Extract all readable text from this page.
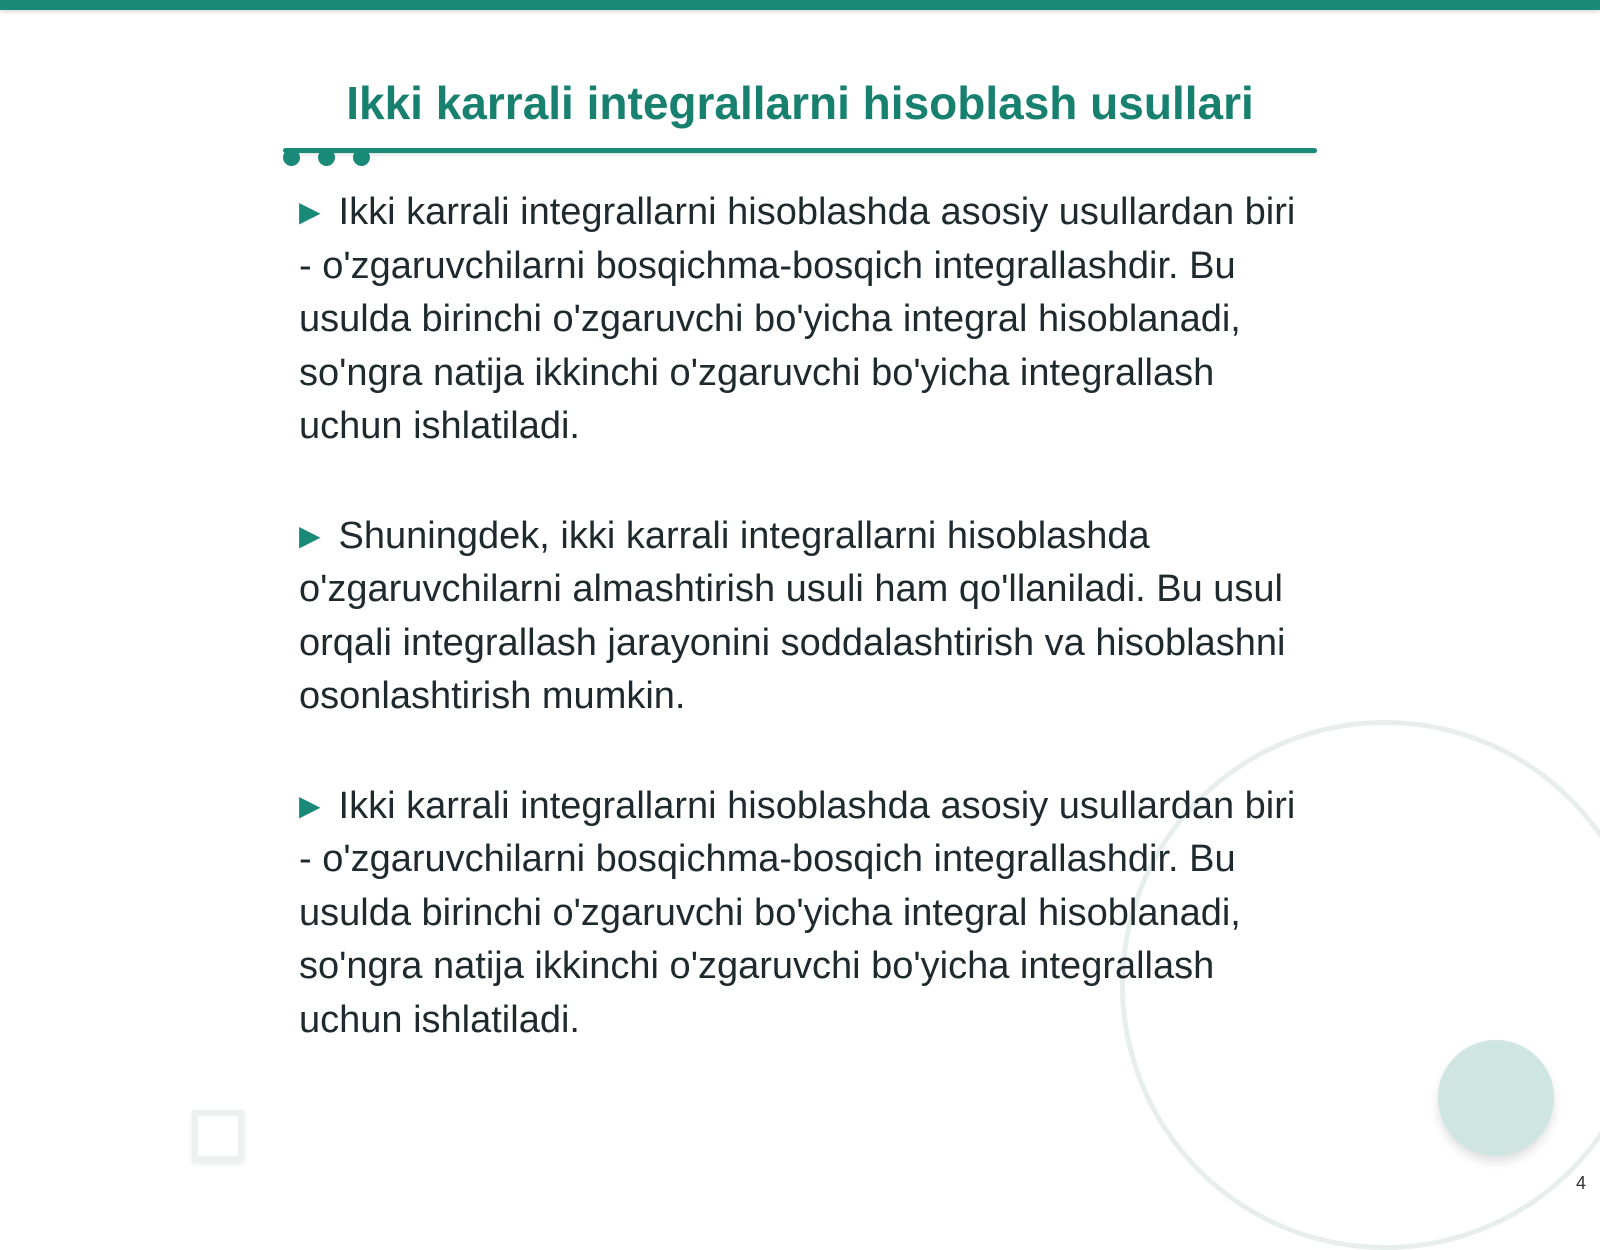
Ikki karrali integrallarni hisoblash usullari

▶ Ikki karrali integrallarni hisoblashda asosiy usullardan biri - o'zgaruvchilarni bosqichma-bosqich integrallashdir. Bu usulda birinchi o'zgaruvchi bo'yicha integral hisoblanadi, so'ngra natija ikkinchi o'zgaruvchi bo'yicha integrallash uchun ishlatiladi.

▶ Shuningdek, ikki karrali integrallarni hisoblashda o'zgaruvchilarni almashtirish usuli ham qo'llaniladi. Bu usul orqali integrallash jarayonini soddalashtirish va hisoblashni osonlashtirish mumkin.

▶ Ikki karrali integrallarni hisoblashda asosiy usullardan biri - o'zgaruvchilarni bosqichma-bosqich integrallashdir. Bu usulda birinchi o'zgaruvchi bo'yicha integral hisoblanadi, so'ngra natija ikkinchi o'zgaruvchi bo'yicha integrallash uchun ishlatiladi.

4
